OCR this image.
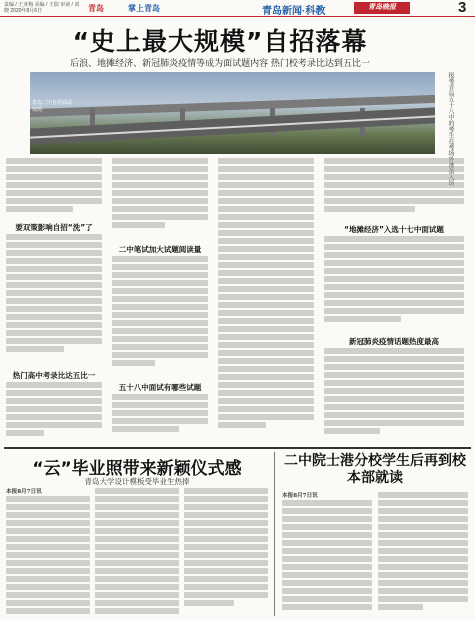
责编 / 王亚梅 美编 / 王瑞 审读 / 刘晓 2020年8月6日	青岛	掌上青岛	青岛新闻·科教	青岛晚报	3
“史上最大规模”自招落幕
后浪、地摊经济、新冠肺炎疫情等成为面试题内容 热门校考录比达到五比一
青岛二中自招面试现场	报考青岛五十八中的考生在考场外准备入场
要双策影响自招“洗”了
热门高中考录比达五比一
二中笔试加大试题阅读量
五十八中面试有哪些试题
“地摊经济”入选十七中面试题
新冠肺炎疫情话题热度最高
“云”毕业照带来新颖仪式感
青岛大学设计模板受毕业生热捧
本报8月7日讯
二中院士港分校学生后再到校本部就读
本报8月7日讯
